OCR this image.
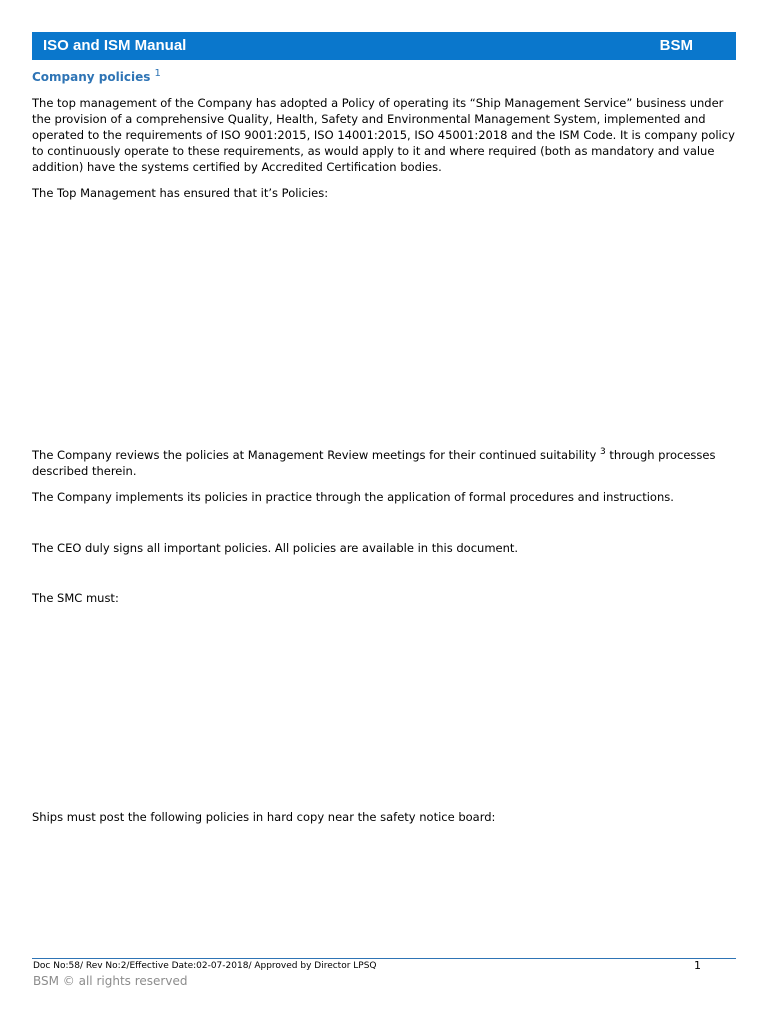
ISO and ISM Manual	BSM
Company policies $^1$

The top management of the Company has adopted a Policy of operating its “Ship Management Service” business under the provision of a comprehensive Quality, Health, Safety and Environmental Management System, implemented and operated to the requirements of ISO 9001:2015, ISO 14001:2015, ISO 45001:2018 and the ISM Code. It is company policy to continuously operate to these requirements, as would apply to it and where required (both as mandatory and value addition) have the systems certified by Accredited Certification bodies.

The Top Management has ensured that it’s Policies:

The Company reviews the policies at Management Review meetings for their continued suitability $^3$ through processes described therein.

The Company implements its policies in practice through the application of formal procedures and instructions.

The CEO duly signs all important policies. All policies are available in this document.

The SMC must:

Ships must post the following policies in hard copy near the safety notice board:

Doc No:58/ Rev No:2/Effective Date:02-07-2018/ Approved by Director LPSQ	1
BSM © all rights reserved
